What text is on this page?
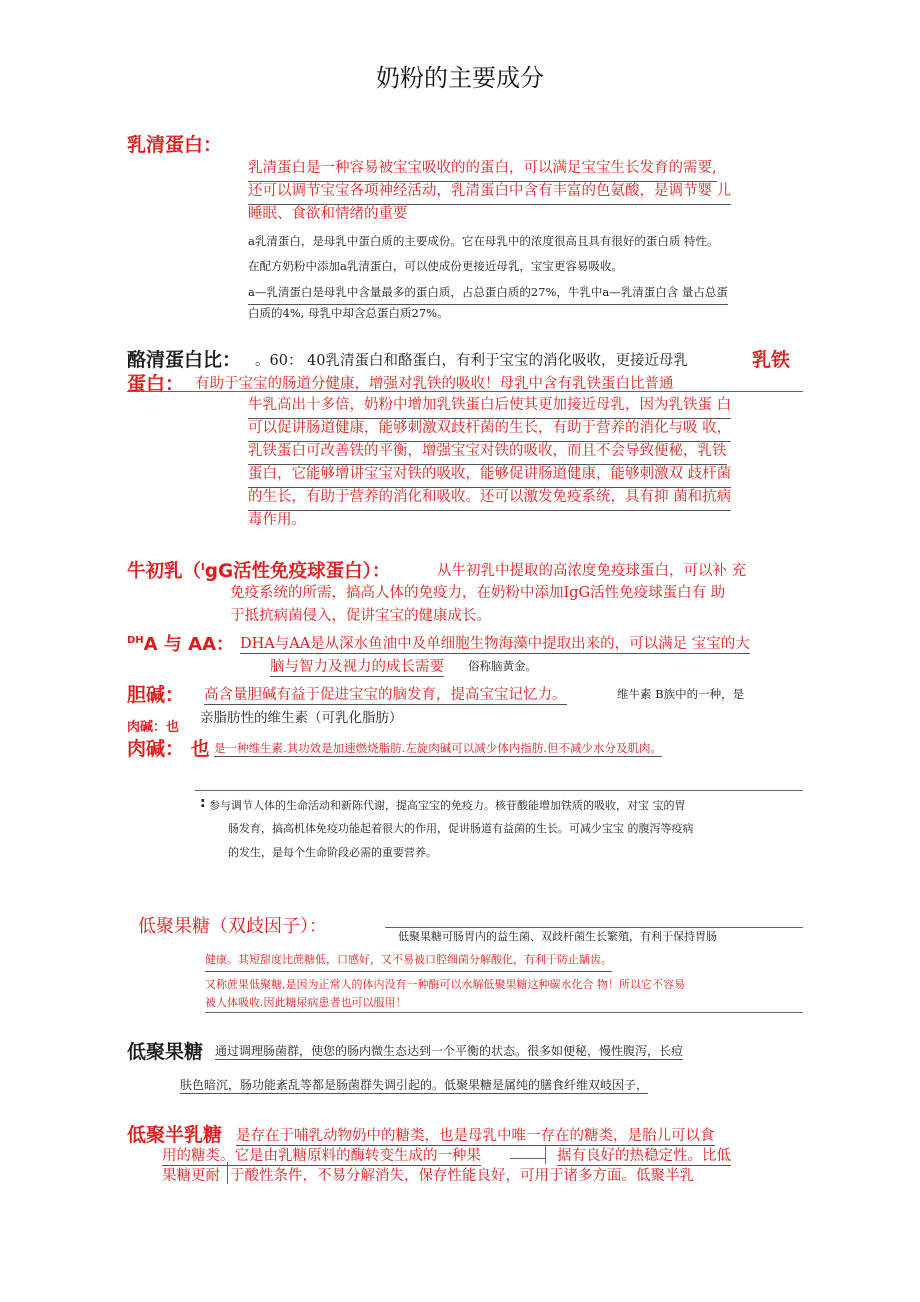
奶粉的主要成分
乳清蛋白：
乳清蛋白是一种容易被宝宝吸收的的蛋白，可以满足宝宝生长发育的需要,
还可以调节宝宝各项神经活动，乳清蛋白中含有丰富的色氨酸，是调节婴 儿
睡眠、食欲和情绪的重要
a乳清蛋白，是母乳中蛋白质的主要成份。它在母乳中的浓度很高且具有很好的蛋白质 特性。
在配方奶粉中添加a乳清蛋白，可以使成份更接近母乳，宝宝更容易吸收。
a—乳清蛋白是母乳中含量最多的蛋白质，占总蛋白质的27%，牛乳中a—乳清蛋白含 量占总蛋
白质的4%, 母乳中却含总蛋白质27%。
酪清蛋白比： 。60： 40乳清蛋白和酪蛋白，有利于宝宝的消化吸收，更接近母乳	乳铁
蛋白： 有助于宝宝的肠道分健康，增强对乳铁的吸收！母乳中含有乳铁蛋白比普通
牛乳高出十多倍，奶粉中增加乳铁蛋白后使其更加接近母乳，因为乳铁蛋 白
可以促讲肠道健康，能够刺激双歧杆菌的生长，有助于营养的消化与吸 收，
乳铁蛋白可改善铁的平衡，增强宝宝对铁的吸收，而且不会导致便秘，乳铁
蛋白，它能够增讲宝宝对铁的吸收，能够促讲肠道健康，能够刺激双 歧杆菌
的生长，有助于营养的消化和吸收。还可以激发免疫系统，具有抑 菌和抗病
毒作用。
牛初乳（$^I$gG活性免疫球蛋白）：	从牛初乳中提取的高浓度免疫球蛋白，可以补 充
免疫系统的所需，搞高人体的免疫力，在奶粉中添加IgG活性免疫球蛋白有 助
于抵抗病菌侵入，促讲宝宝的健康成长。
$^{DH}$A 与 AA： DHA与AA是从深水鱼油中及单细胞生物海藻中提取出来的，可以满足 宝宝的大
脑与智力及视力的成长需要 俗称脑黄金。
胆碱： 高含量胆碱有益于促进宝宝的脑发育，提高宝宝记忆力。	维牛素 B族中的一种，是
亲脂肪性的维生素（可乳化脂肪）
肉碱：也
肉碱： 也 是一种维生素.其功效是加速燃烧脂肪.左旋肉碱可以减少体内指肪.但不减少水分及肌肉。
: 参与调节人体的生命活动和新陈代谢，提高宝宝的免疫力。核苷酸能增加铁质的吸收，对宝 宝的胃
肠发育，搞高机体免疫功能起着很大的作用，促讲肠道有益菌的生长。可减少宝宝 的腹泻等疫病
的发生，是每个生命阶段必需的重要营养。
低聚果糖（双歧因子）：	低聚果糖可肠胃内的益生菌、双歧杆菌生长繁殖，有利于保持胃肠
健康。其短甜度比蔗糖低，口感好，又不易被口腔细菌分解酸化，有利于防止龋齿。
又称蔗果低聚糖,是因为正常人的体内没有一种酶可以水解低聚果糖这种碳水化合 物！所以它不容易
被人体吸收.因此糖尿病患者也可以服用！
低聚果糖 通过调理肠菌群，使您的肠内微生态达到一个平衡的状态。很多如便秘，慢性腹泻，长痘
肤色暗沉，肠功能紊乱等都是肠菌群失调引起的。低聚果糖是属纯的膳食纤维双岐因子，
低聚半乳糖 是存在于哺乳动物奶中的糖类，也是母乳中唯一存在的糖类，是胎儿可以食
用的糖类。它是由乳糖原料的酶转变生成的一种果	据有良好的热稳定性。比低
果糖更耐 于酸性条件，不易分解消失，保存性能良好，可用于诸多方面。低聚半乳
